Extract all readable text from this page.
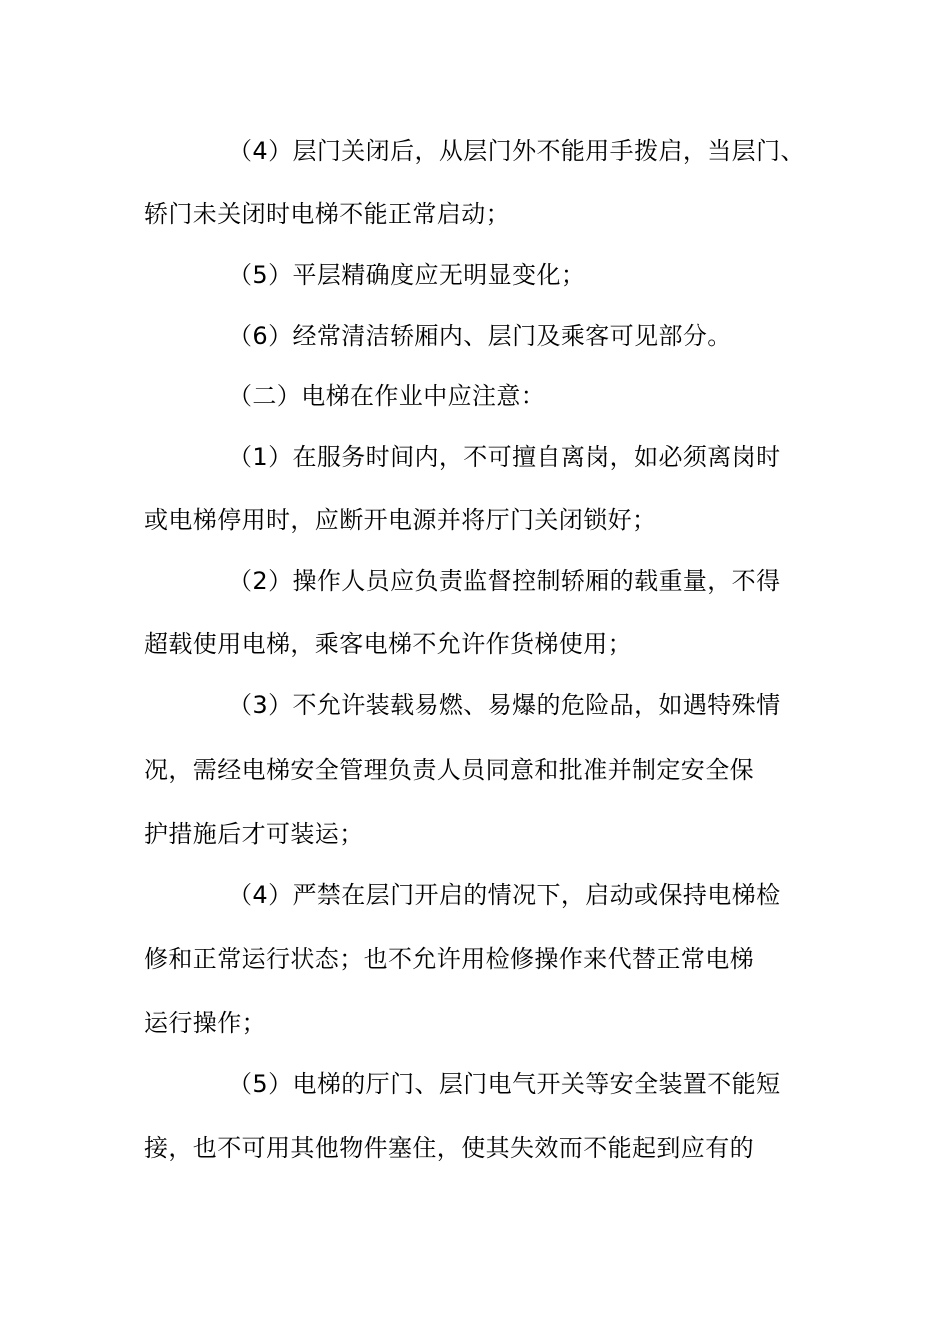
（4）层门关闭后，从层门外不能用手拨启，当层门、
轿门未关闭时电梯不能正常启动；
（5）平层精确度应无明显变化；
（6）经常清洁轿厢内、层门及乘客可见部分。
（二）电梯在作业中应注意：
（1）在服务时间内，不可擅自离岗，如必须离岗时
或电梯停用时，应断开电源并将厅门关闭锁好；
（2）操作人员应负责监督控制轿厢的载重量，不得
超载使用电梯，乘客电梯不允许作货梯使用；
（3）不允许装载易燃、易爆的危险品，如遇特殊情
况，需经电梯安全管理负责人员同意和批准并制定安全保
护措施后才可装运；
（4）严禁在层门开启的情况下，启动或保持电梯检
修和正常运行状态；也不允许用检修操作来代替正常电梯
运行操作；
（5）电梯的厅门、层门电气开关等安全装置不能短
接，也不可用其他物件塞住，使其失效而不能起到应有的
